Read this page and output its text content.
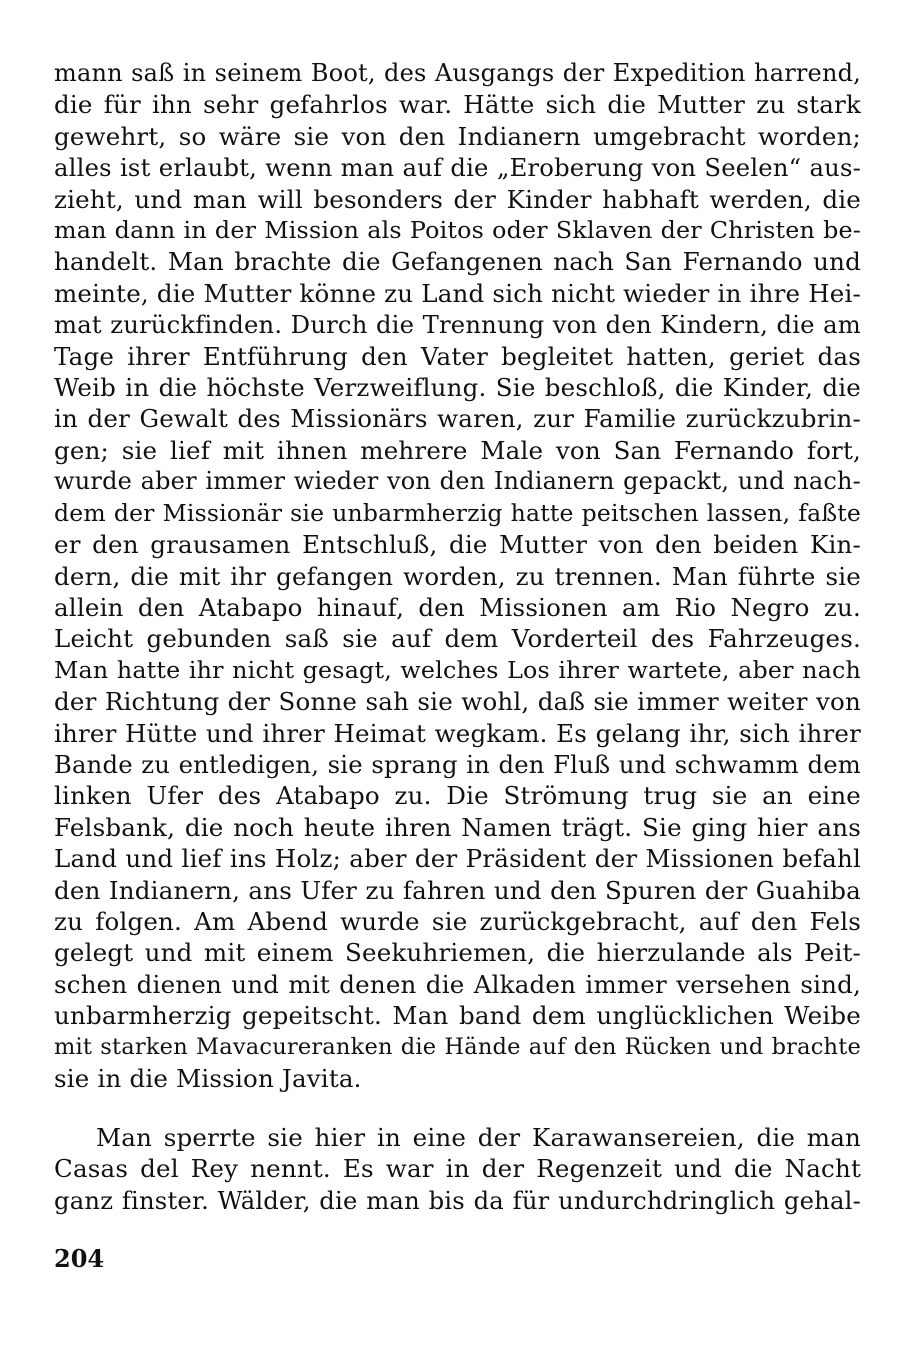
mann saß in seinem Boot, des Ausgangs der Expedition harrend,
die für ihn sehr gefahrlos war. Hätte sich die Mutter zu stark
gewehrt, so wäre sie von den Indianern umgebracht worden;
alles ist erlaubt, wenn man auf die „Eroberung von Seelen“ aus-
zieht, und man will besonders der Kinder habhaft werden, die
man dann in der Mission als Poitos oder Sklaven der Christen be-
handelt. Man brachte die Gefangenen nach San Fernando und
meinte, die Mutter könne zu Land sich nicht wieder in ihre Hei-
mat zurückfinden. Durch die Trennung von den Kindern, die am
Tage ihrer Entführung den Vater begleitet hatten, geriet das
Weib in die höchste Verzweiflung. Sie beschloß, die Kinder, die
in der Gewalt des Missionärs waren, zur Familie zurückzubrin-
gen; sie lief mit ihnen mehrere Male von San Fernando fort,
wurde aber immer wieder von den Indianern gepackt, und nach-
dem der Missionär sie unbarmherzig hatte peitschen lassen, faßte
er den grausamen Entschluß, die Mutter von den beiden Kin-
dern, die mit ihr gefangen worden, zu trennen. Man führte sie
allein den Atabapo hinauf, den Missionen am Rio Negro zu.
Leicht gebunden saß sie auf dem Vorderteil des Fahrzeuges.
Man hatte ihr nicht gesagt, welches Los ihrer wartete, aber nach
der Richtung der Sonne sah sie wohl, daß sie immer weiter von
ihrer Hütte und ihrer Heimat wegkam. Es gelang ihr, sich ihrer
Bande zu entledigen, sie sprang in den Fluß und schwamm dem
linken Ufer des Atabapo zu. Die Strömung trug sie an eine
Felsbank, die noch heute ihren Namen trägt. Sie ging hier ans
Land und lief ins Holz; aber der Präsident der Missionen befahl
den Indianern, ans Ufer zu fahren und den Spuren der Guahiba
zu folgen. Am Abend wurde sie zurückgebracht, auf den Fels
gelegt und mit einem Seekuhriemen, die hierzulande als Peit-
schen dienen und mit denen die Alkaden immer versehen sind,
unbarmherzig gepeitscht. Man band dem unglücklichen Weibe
mit starken Mavacureranken die Hände auf den Rücken und brachte
sie in die Mission Javita.
Man sperrte sie hier in eine der Karawansereien, die man
Casas del Rey nennt. Es war in der Regenzeit und die Nacht
ganz finster. Wälder, die man bis da für undurchdringlich gehal-
204
